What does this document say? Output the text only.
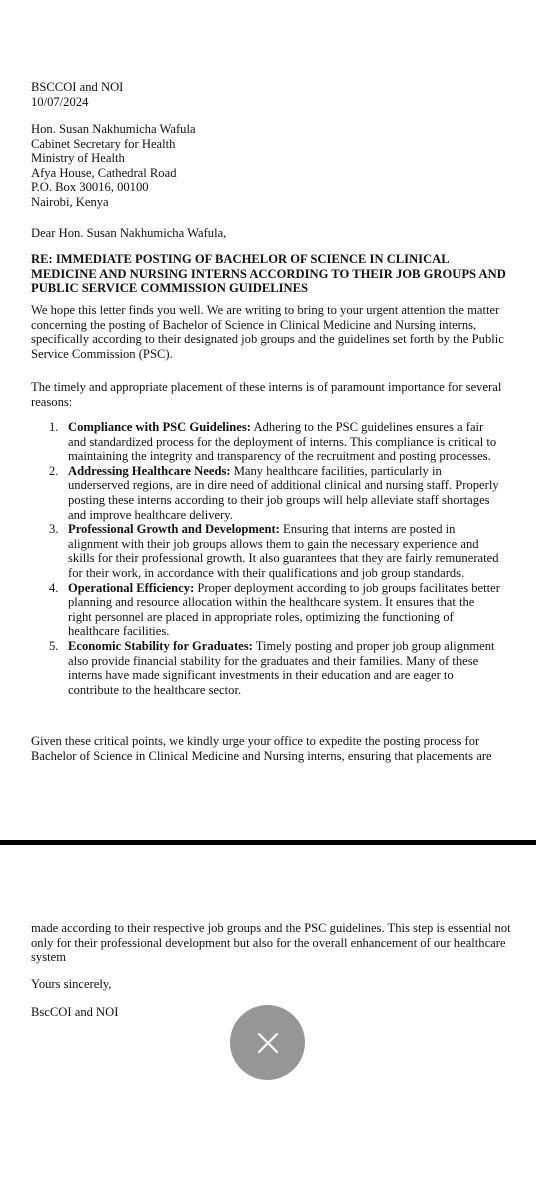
BSCCOI and NOI
10/07/2024
Hon. Susan Nakhumicha Wafula
Cabinet Secretary for Health
Ministry of Health
Afya House, Cathedral Road
P.O. Box 30016, 00100
Nairobi, Kenya
Dear Hon. Susan Nakhumicha Wafula,
RE: IMMEDIATE POSTING OF BACHELOR OF SCIENCE IN CLINICAL MEDICINE AND NURSING INTERNS ACCORDING TO THEIR JOB GROUPS AND PUBLIC SERVICE COMMISSION GUIDELINES
We hope this letter finds you well. We are writing to bring to your urgent attention the matter concerning the posting of Bachelor of Science in Clinical Medicine and Nursing interns, specifically according to their designated job groups and the guidelines set forth by the Public Service Commission (PSC).
The timely and appropriate placement of these interns is of paramount importance for several reasons:
1. Compliance with PSC Guidelines: Adhering to the PSC guidelines ensures a fair and standardized process for the deployment of interns. This compliance is critical to maintaining the integrity and transparency of the recruitment and posting processes.
2. Addressing Healthcare Needs: Many healthcare facilities, particularly in underserved regions, are in dire need of additional clinical and nursing staff. Properly posting these interns according to their job groups will help alleviate staff shortages and improve healthcare delivery.
3. Professional Growth and Development: Ensuring that interns are posted in alignment with their job groups allows them to gain the necessary experience and skills for their professional growth. It also guarantees that they are fairly remunerated for their work, in accordance with their qualifications and job group standards.
4. Operational Efficiency: Proper deployment according to job groups facilitates better planning and resource allocation within the healthcare system. It ensures that the right personnel are placed in appropriate roles, optimizing the functioning of healthcare facilities.
5. Economic Stability for Graduates: Timely posting and proper job group alignment also provide financial stability for the graduates and their families. Many of these interns have made significant investments in their education and are eager to contribute to the healthcare sector.
Given these critical points, we kindly urge your office to expedite the posting process for Bachelor of Science in Clinical Medicine and Nursing interns, ensuring that placements are
made according to their respective job groups and the PSC guidelines. This step is essential not only for their professional development but also for the overall enhancement of our healthcare system
Yours sincerely,
BscCOI and NOI
